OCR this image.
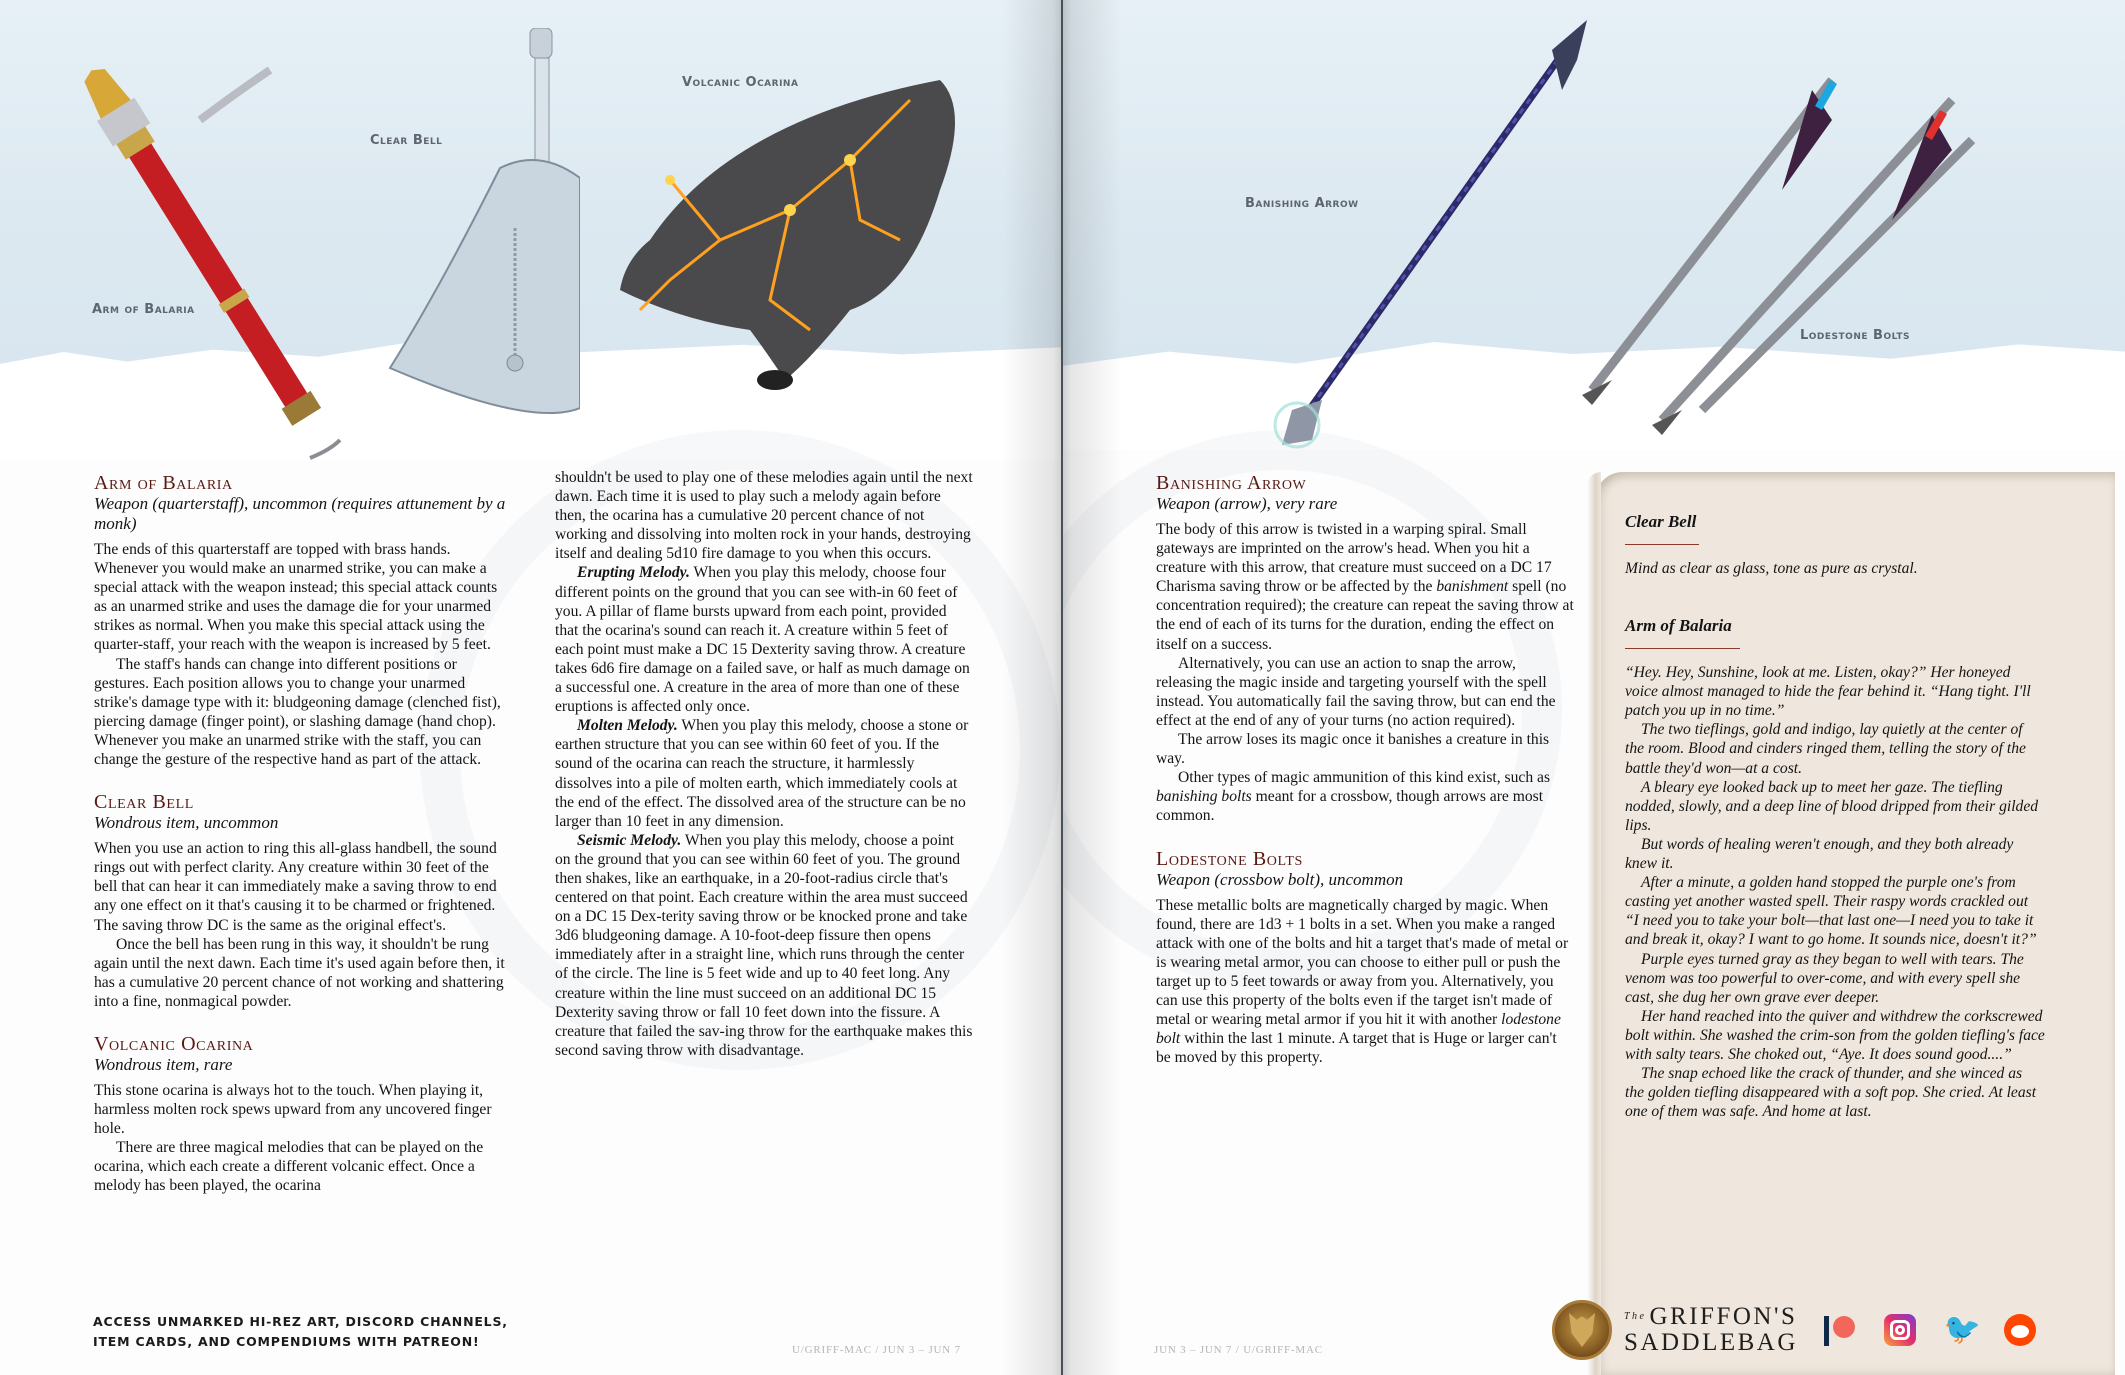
Arm of Balaria
Clear Bell
Volcanic Ocarina
Arm of Balaria
Weapon (quarterstaff), uncommon (requires attunement by a monk)

The ends of this quarterstaff are topped with brass hands. Whenever you would make an unarmed strike, you can make a special attack with the weapon instead; this special attack counts as an unarmed strike and uses the damage die for your unarmed strikes as normal. When you make this special attack using the quarter-staff, your reach with the weapon is increased by 5 feet.

The staff's hands can change into different positions or gestures. Each position allows you to change your unarmed strike's damage type with it: bludgeoning damage (clenched fist), piercing damage (finger point), or slashing damage (hand chop). Whenever you make an unarmed strike with the staff, you can change the gesture of the respective hand as part of the attack.

Clear Bell
Wondrous item, uncommon

When you use an action to ring this all-glass handbell, the sound rings out with perfect clarity. Any creature within 30 feet of the bell that can hear it can immediately make a saving throw to end any one effect on it that's causing it to be charmed or frightened. The saving throw DC is the same as the original effect's.

Once the bell has been rung in this way, it shouldn't be rung again until the next dawn. Each time it's used again before then, it has a cumulative 20 percent chance of not working and shattering into a fine, nonmagical powder.

Volcanic Ocarina
Wondrous item, rare

This stone ocarina is always hot to the touch. When playing it, harmless molten rock spews upward from any uncovered finger hole.

There are three magical melodies that can be played on the ocarina, which each create a different volcanic effect. Once a melody has been played, the ocarina

shouldn't be used to play one of these melodies again until the next dawn. Each time it is used to play such a melody again before then, the ocarina has a cumulative 20 percent chance of not working and dissolving into molten rock in your hands, destroying itself and dealing 5d10 fire damage to you when this occurs.

Erupting Melody. When you play this melody, choose four different points on the ground that you can see with-in 60 feet of you. A pillar of flame bursts upward from each point, provided that the ocarina's sound can reach it. A creature within 5 feet of each point must make a DC 15 Dexterity saving throw. A creature takes 6d6 fire damage on a failed save, or half as much damage on a successful one. A creature in the area of more than one of these eruptions is affected only once.

Molten Melody. When you play this melody, choose a stone or earthen structure that you can see within 60 feet of you. If the sound of the ocarina can reach the structure, it harmlessly dissolves into a pile of molten earth, which immediately cools at the end of the effect. The dissolved area of the structure can be no larger than 10 feet in any dimension.

Seismic Melody. When you play this melody, choose a point on the ground that you can see within 60 feet of you. The ground then shakes, like an earthquake, in a 20-foot-radius circle that's centered on that point. Each creature within the area must succeed on a DC 15 Dex-terity saving throw or be knocked prone and take 3d6 bludgeoning damage. A 10-foot-deep fissure then opens immediately after in a straight line, which runs through the center of the circle. The line is 5 feet wide and up to 40 feet long. Any creature within the line must succeed on an additional DC 15 Dexterity saving throw or fall 10 feet down into the fissure. A creature that failed the sav-ing throw for the earthquake makes this second saving throw with disadvantage.

ACCESS UNMARKED HI-REZ ART, DISCORD CHANNELS,
ITEM CARDS, AND COMPENDIUMS WITH PATREON!
U/GRIFF-MAC / JUN 3 – JUN 7
Banishing Arrow
Lodestone Bolts
Banishing Arrow
Weapon (arrow), very rare

The body of this arrow is twisted in a warping spiral. Small gateways are imprinted on the arrow's head. When you hit a creature with this arrow, that creature must succeed on a DC 17 Charisma saving throw or be affected by the banishment spell (no concentration required); the creature can repeat the saving throw at the end of each of its turns for the duration, ending the effect on itself on a success.

Alternatively, you can use an action to snap the arrow, releasing the magic inside and targeting yourself with the spell instead. You automatically fail the saving throw, but can end the effect at the end of any of your turns (no action required).

The arrow loses its magic once it banishes a creature in this way.

Other types of magic ammunition of this kind exist, such as banishing bolts meant for a crossbow, though arrows are most common.

Lodestone Bolts
Weapon (crossbow bolt), uncommon

These metallic bolts are magnetically charged by magic. When found, there are 1d3 + 1 bolts in a set. When you make a ranged attack with one of the bolts and hit a target that's made of metal or is wearing metal armor, you can choose to either pull or push the target up to 5 feet towards or away from you. Alternatively, you can use this property of the bolts even if the target isn't made of metal or wearing metal armor if you hit it with another lodestone bolt within the last 1 minute. A target that is Huge or larger can't be moved by this property.

JUN 3 – JUN 7 / U/GRIFF-MAC
Clear Bell
Mind as clear as glass, tone as pure as crystal.
Arm of Balaria
“Hey. Hey, Sunshine, look at me. Listen, okay?” Her honeyed voice almost managed to hide the fear behind it. “Hang tight. I'll patch you up in no time.”
The two tieflings, gold and indigo, lay quietly at the center of the room. Blood and cinders ringed them, telling the story of the battle they'd won—at a cost.
A bleary eye looked back up to meet her gaze. The tiefling nodded, slowly, and a deep line of blood dripped from their gilded lips.
But words of healing weren't enough, and they both already knew it.
After a minute, a golden hand stopped the purple one's from casting yet another wasted spell. Their raspy words crackled out “I need you to take your bolt—that last one—I need you to take it and break it, okay? I want to go home. It sounds nice, doesn't it?”
Purple eyes turned gray as they began to well with tears. The venom was too powerful to over-come, and with every spell she cast, she dug her own grave ever deeper.
Her hand reached into the quiver and withdrew the corkscrewed bolt within. She washed the crim-son from the golden tiefling's face with salty tears. She choked out, “Aye. It does sound good....”
The snap echoed like the crack of thunder, and she winced as the golden tiefling disappeared with a soft pop. She cried. At least one of them was safe. And home at last.
$^{The}$ GRIFFON'S
SADDLEBAG	🐦
